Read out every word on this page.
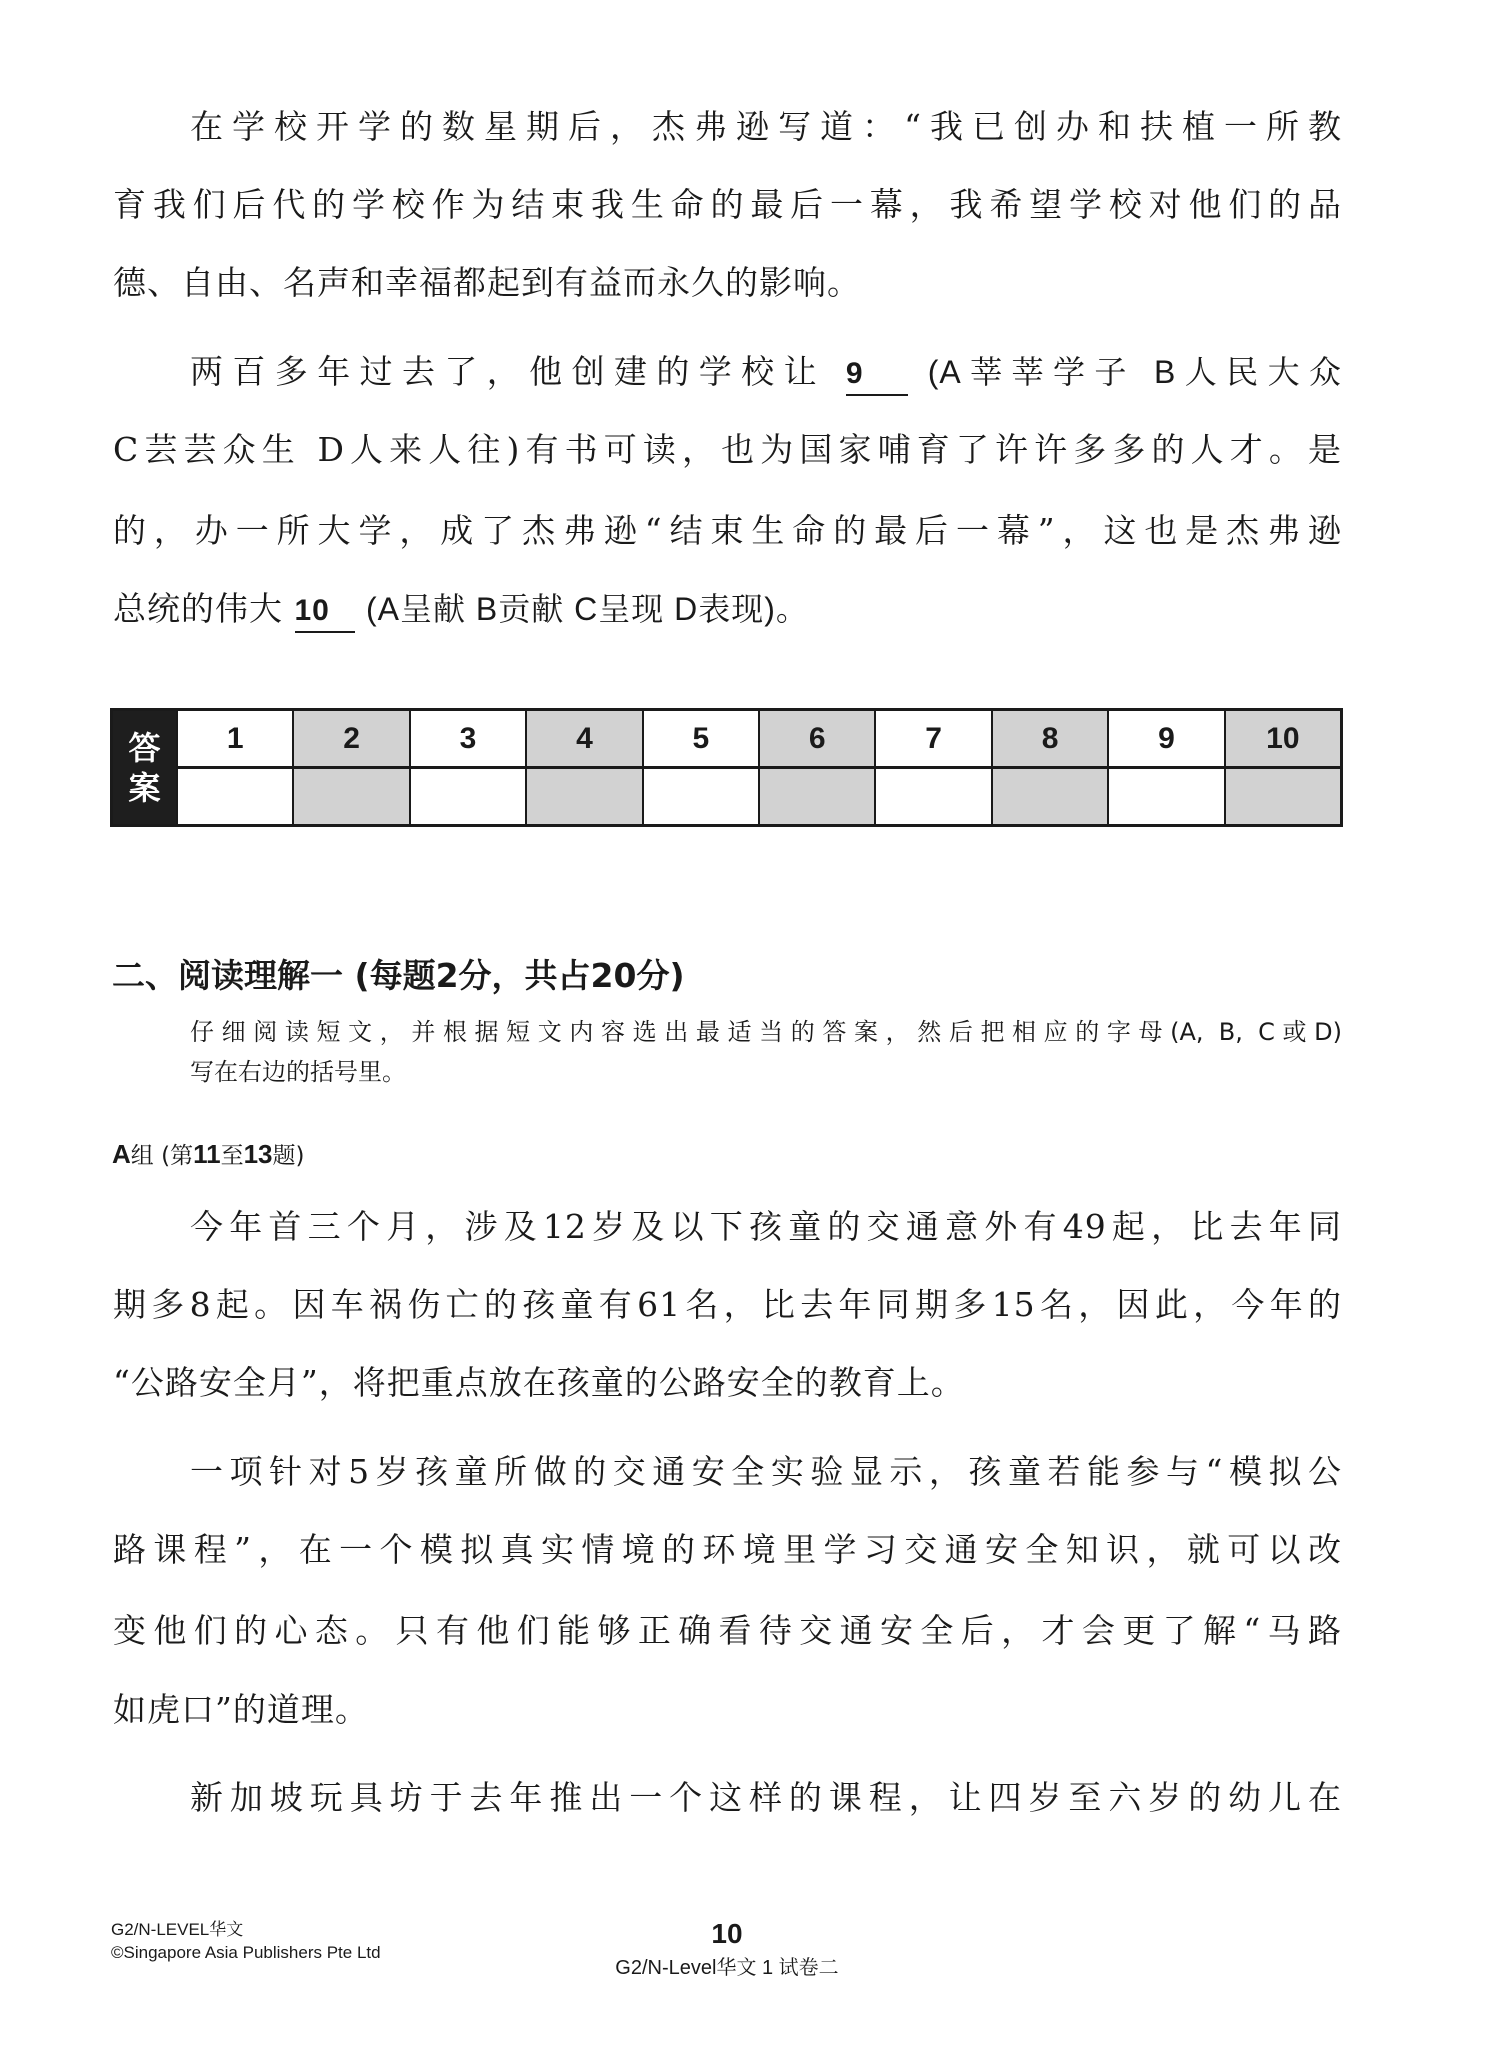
在学校开学的数星期后，杰弗逊写道：“我已创办和扶植一所教
育我们后代的学校作为结束我生命的最后一幕，我希望学校对他们的品
德、自由、名声和幸福都起到有益而永久的影响。
两百多年过去了，他创建的学校让 9 (A莘莘学子 B人民大众
C芸芸众生 D人来人往)有书可读，也为国家哺育了许许多多的人才。是
的，办一所大学，成了杰弗逊“结束生命的最后一幕”，这也是杰弗逊
总统的伟大 10 (A呈献 B贡献 C呈现 D表现)。
答
案
1	2	3	4	5	6	7	8	9	10
二、阅读理解一 (每题2分，共占20分)
仔细阅读短文，并根据短文内容选出最适当的答案，然后把相应的字母(A, B, C或D)
写在右边的括号里。
A组 (第11至13题)
今年首三个月，涉及12岁及以下孩童的交通意外有49起，比去年同
期多8起。因车祸伤亡的孩童有61名，比去年同期多15名，因此，今年的
“公路安全月”，将把重点放在孩童的公路安全的教育上。
一项针对5岁孩童所做的交通安全实验显示，孩童若能参与“模拟公
路课程”，在一个模拟真实情境的环境里学习交通安全知识，就可以改
变他们的心态。只有他们能够正确看待交通安全后，才会更了解“马路
如虎口”的道理。
新加坡玩具坊于去年推出一个这样的课程，让四岁至六岁的幼儿在
G2/N-LEVEL华文
©Singapore Asia Publishers Pte Ltd
10
G2/N-Level华文 1 试卷二
